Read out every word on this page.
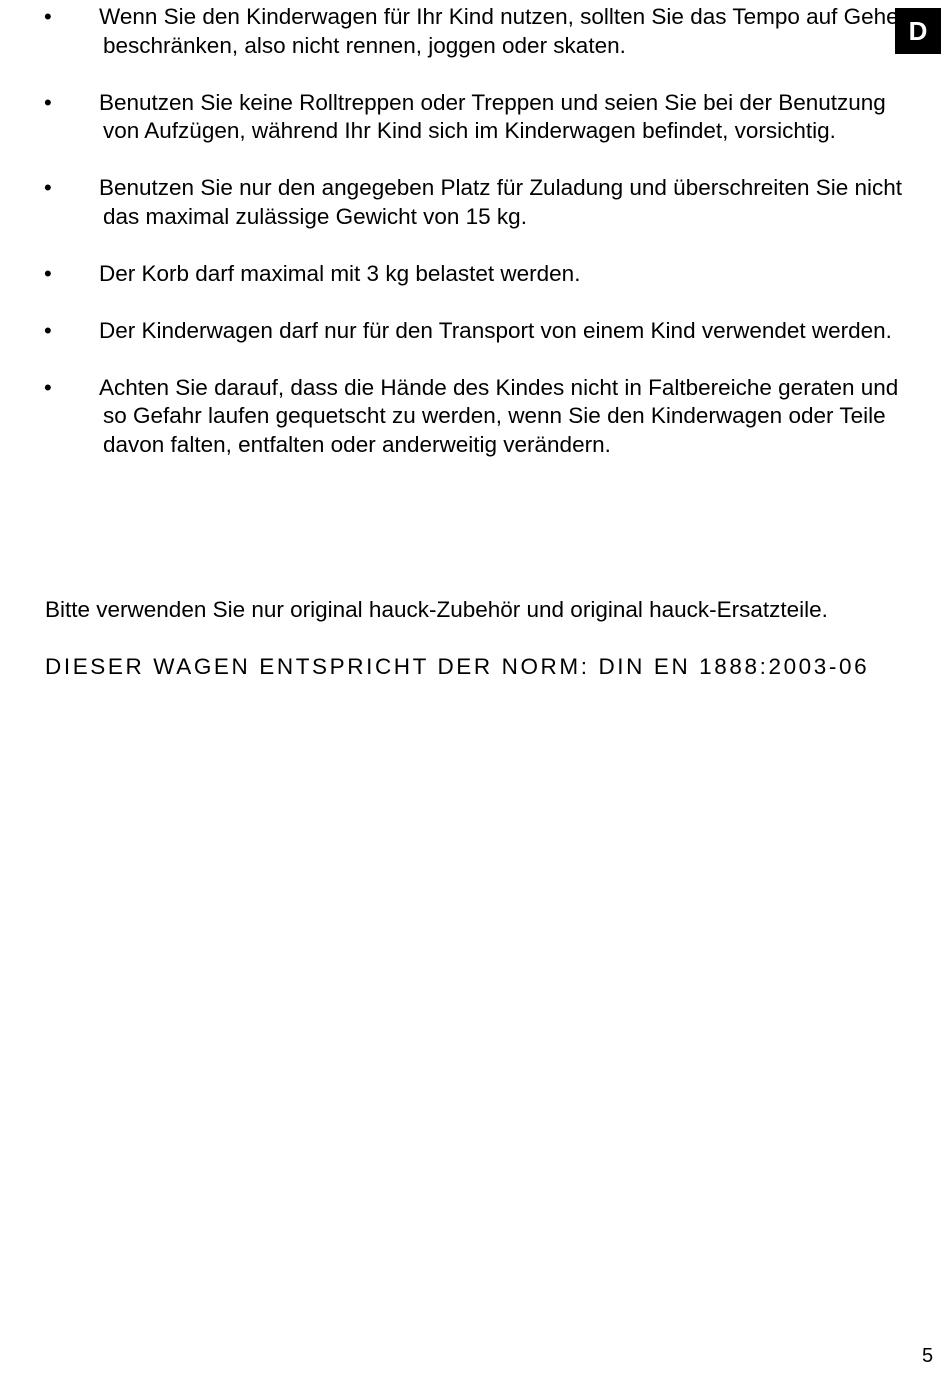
D
• Wenn Sie den Kinderwagen für Ihr Kind nutzen, sollten Sie das Tempo auf Gehen beschränken, also nicht rennen, joggen oder skaten.
• Benutzen Sie keine Rolltreppen oder Treppen und seien Sie bei der Benutzung von Aufzügen, während Ihr Kind sich im Kinderwagen befindet, vorsichtig.
• Benutzen Sie nur den angegeben Platz für Zuladung und überschreiten Sie nicht das maximal zulässige Gewicht von 15 kg.
• Der Korb darf maximal mit 3 kg belastet werden.
• Der Kinderwagen darf nur für den Transport von einem Kind verwendet werden.
• Achten Sie darauf, dass die Hände des Kindes nicht in Faltbereiche geraten und so Gefahr laufen gequetscht zu werden, wenn Sie den Kinderwagen oder Teile davon falten, entfalten oder anderweitig verändern.
Bitte verwenden Sie nur original hauck-Zubehör und original hauck-Ersatzteile.
DIESER WAGEN ENTSPRICHT DER NORM: DIN EN 1888:2003-06
5
